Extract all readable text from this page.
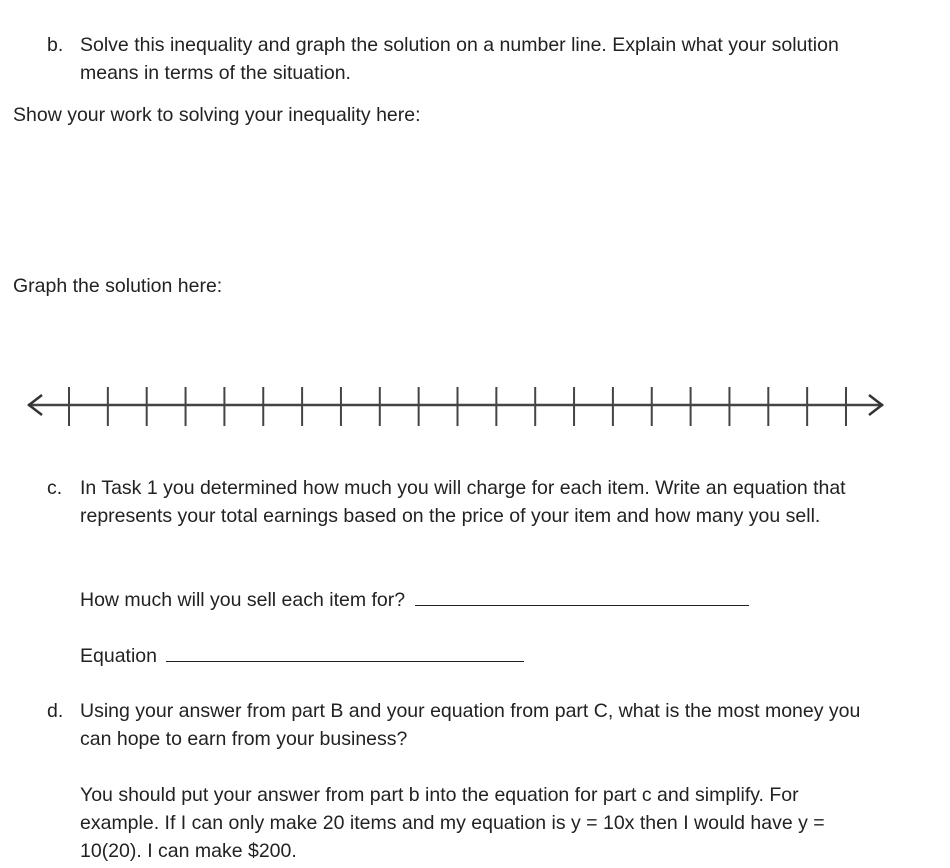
b. Solve this inequality and graph the solution on a number line. Explain what your solution means in terms of the situation.
Show your work to solving your inequality here:
Graph the solution here:
c. In Task 1 you determined how much you will charge for each item. Write an equation that represents your total earnings based on the price of your item and how many you sell.
How much will you sell each item for?
Equation
d. Using your answer from part B and your equation from part C, what is the most money you can hope to earn from your business?
You should put your answer from part b into the equation for part c and simplify. For example. If I can only make 20 items and my equation is y = 10x then I would have y = 10(20). I can make $200.
